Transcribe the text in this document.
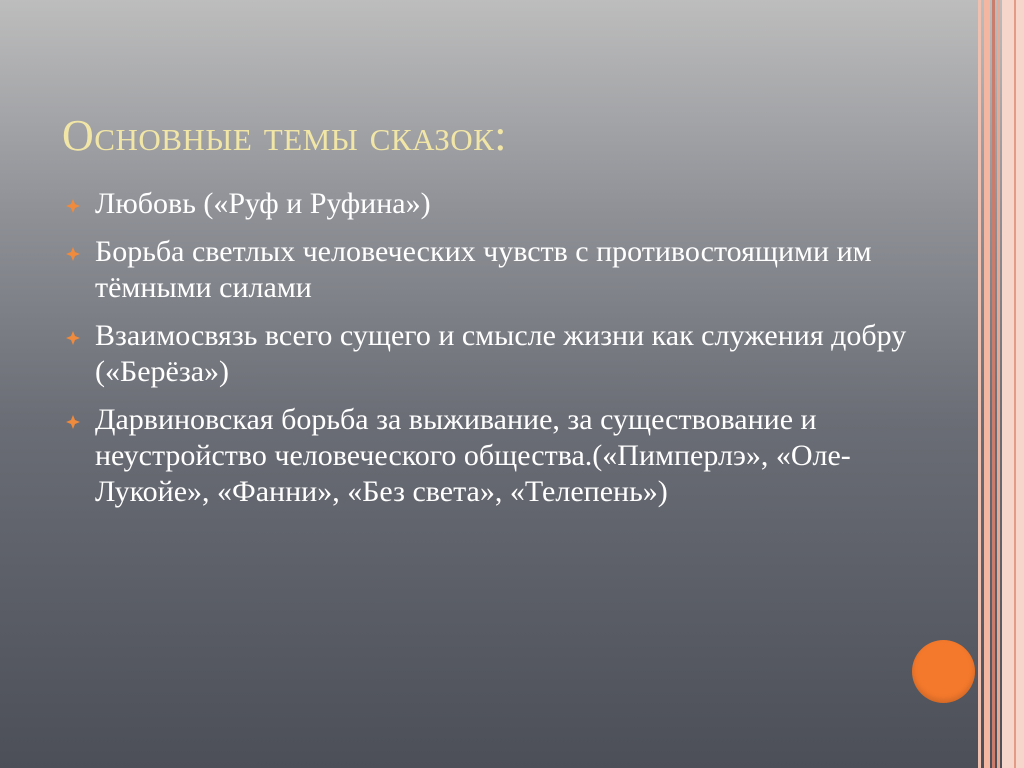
Основные темы сказок:
Любовь («Руф и Руфина»)
Борьба светлых человеческих чувств с противостоящими им тёмными силами
Взаимосвязь всего сущего и смысле жизни как служения добру («Берёза»)
Дарвиновская борьба за выживание, за существование и неустройство человеческого общества.(«Пимперлэ», «Оле-Лукойе», «Фанни», «Без света», «Телепень»)
